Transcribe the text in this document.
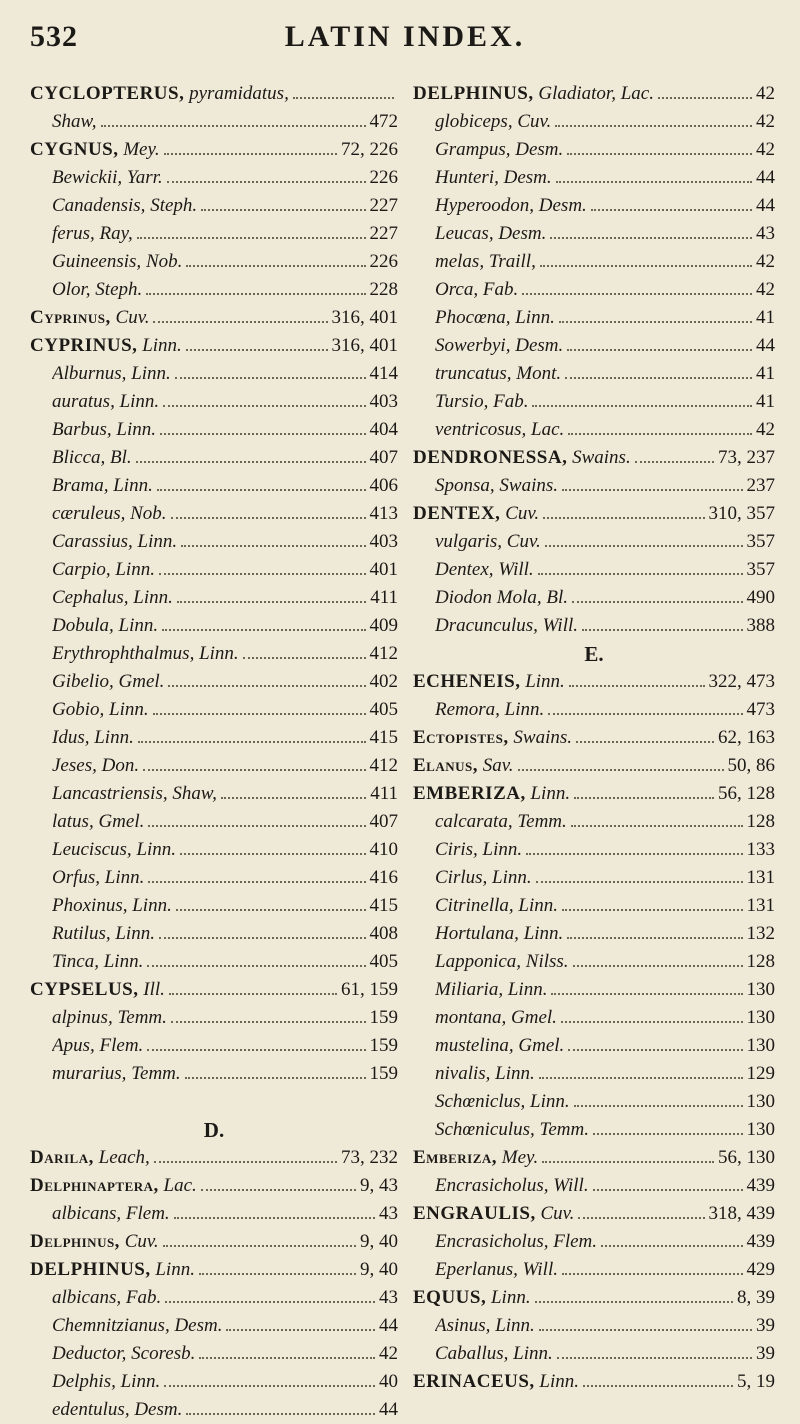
532	LATIN INDEX.
CYCLOPTERUS, pyramidatus,
Shaw,	472
CYGNUS, Mey.	72, 226
Bewickii, Yarr.	226
Canadensis, Steph.	227
ferus, Ray,	227
Guineensis, Nob.	226
Olor, Steph.	228
Cyprinus, Cuv.	316, 401
CYPRINUS, Linn.	316, 401
Alburnus, Linn.	414
auratus, Linn.	403
Barbus, Linn.	404
Blicca, Bl.	407
Brama, Linn.	406
cæruleus, Nob.	413
Carassius, Linn.	403
Carpio, Linn.	401
Cephalus, Linn.	411
Dobula, Linn.	409
Erythrophthalmus, Linn.	412
Gibelio, Gmel.	402
Gobio, Linn.	405
Idus, Linn.	415
Jeses, Don.	412
Lancastriensis, Shaw,	411
latus, Gmel.	407
Leuciscus, Linn.	410
Orfus, Linn.	416
Phoxinus, Linn.	415
Rutilus, Linn.	408
Tinca, Linn.	405
CYPSELUS, Ill.	61, 159
alpinus, Temm.	159
Apus, Flem.	159
murarius, Temm.	159
D.
Darila, Leach,	73, 232
Delphinaptera, Lac.	9, 43
albicans, Flem.	43
Delphinus, Cuv.	9, 40
DELPHINUS, Linn.	9, 40
albicans, Fab.	43
Chemnitzianus, Desm.	44
Deductor, Scoresb.	42
Delphis, Linn.	40
edentulus, Desm.	44
DELPHINUS, Gladiator, Lac.	42
globiceps, Cuv.	42
Grampus, Desm.	42
Hunteri, Desm.	44
Hyperoodon, Desm.	44
Leucas, Desm.	43
melas, Traill,	42
Orca, Fab.	42
Phocœna, Linn.	41
Sowerbyi, Desm.	44
truncatus, Mont.	41
Tursio, Fab.	41
ventricosus, Lac.	42
DENDRONESSA, Swains.	73, 237
Sponsa, Swains.	237
DENTEX, Cuv.	310, 357
vulgaris, Cuv.	357
Dentex, Will.	357
Diodon Mola, Bl.	490
Dracunculus, Will.	388
E.
ECHENEIS, Linn.	322, 473
Remora, Linn.	473
Ectopistes, Swains.	62, 163
Elanus, Sav.	50, 86
EMBERIZA, Linn.	56, 128
calcarata, Temm.	128
Ciris, Linn.	133
Cirlus, Linn.	131
Citrinella, Linn.	131
Hortulana, Linn.	132
Lapponica, Nilss.	128
Miliaria, Linn.	130
montana, Gmel.	130
mustelina, Gmel.	130
nivalis, Linn.	129
Schœniclus, Linn.	130
Schœniculus, Temm.	130
Emberiza, Mey.	56, 130
Encrasicholus, Will.	439
ENGRAULIS, Cuv.	318, 439
Encrasicholus, Flem.	439
Eperlanus, Will.	429
EQUUS, Linn.	8, 39
Asinus, Linn.	39
Caballus, Linn.	39
ERINACEUS, Linn.	5, 19
